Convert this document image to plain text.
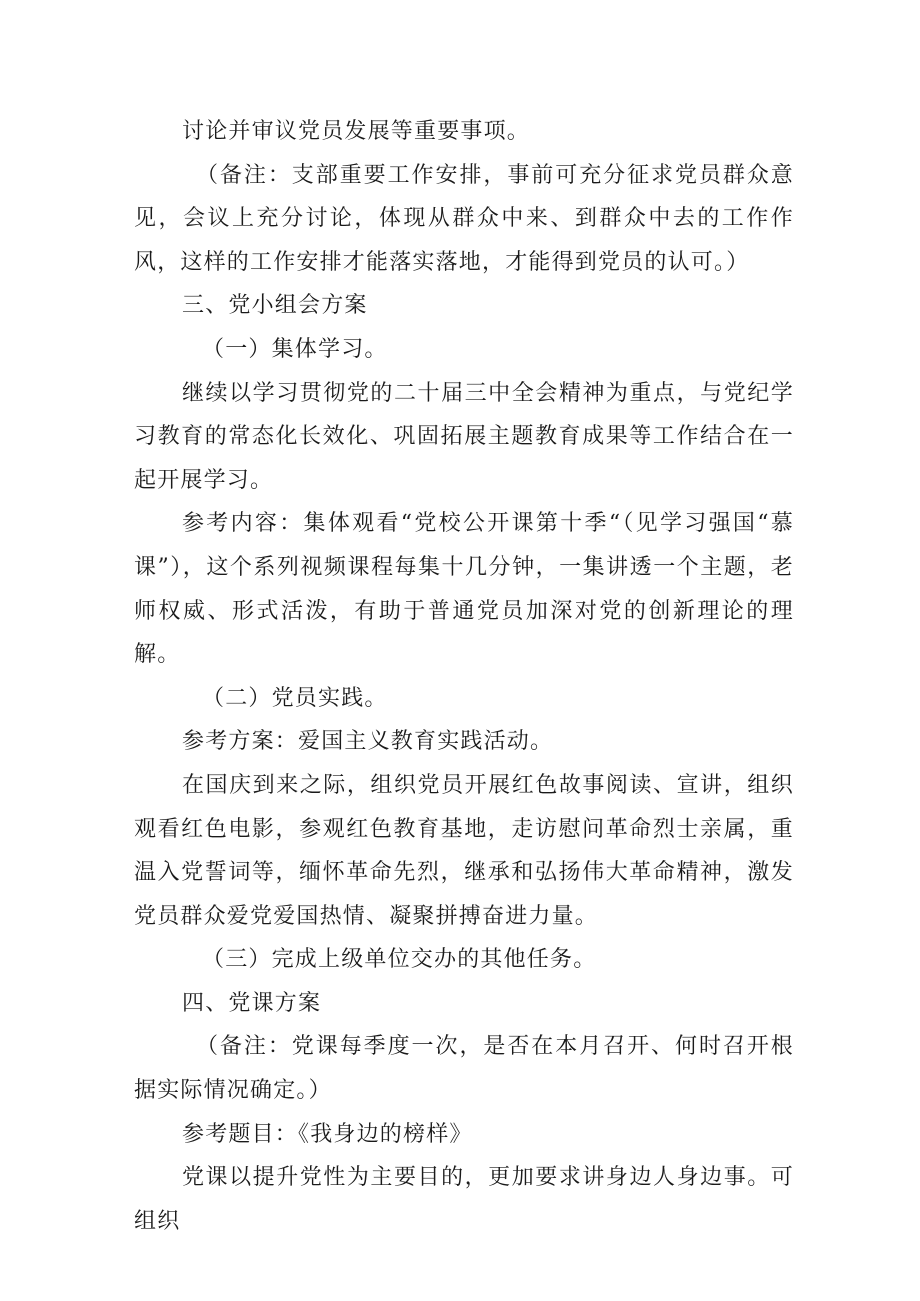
讨论并审议党员发展等重要事项。

（备注：支部重要工作安排，事前可充分征求党员群众意见，会议上充分讨论，体现从群众中来、到群众中去的工作作风，这样的工作安排才能落实落地，才能得到党员的认可。）

三、党小组会方案

（一）集体学习。

继续以学习贯彻党的二十届三中全会精神为重点，与党纪学习教育的常态化长效化、巩固拓展主题教育成果等工作结合在一起开展学习。

参考内容：集体观看“党校公开课第十季“（见学习强国“慕课”），这个系列视频课程每集十几分钟，一集讲透一个主题，老师权威、形式活泼，有助于普通党员加深对党的创新理论的理解。

（二）党员实践。

参考方案：爱国主义教育实践活动。

在国庆到来之际，组织党员开展红色故事阅读、宣讲，组织观看红色电影，参观红色教育基地，走访慰问革命烈士亲属，重温入党誓词等，缅怀革命先烈，继承和弘扬伟大革命精神，激发党员群众爱党爱国热情、凝聚拼搏奋进力量。

（三）完成上级单位交办的其他任务。

四、党课方案

（备注：党课每季度一次，是否在本月召开、何时召开根据实际情况确定。）

参考题目：《我身边的榜样》

党课以提升党性为主要目的，更加要求讲身边人身边事。可组织
